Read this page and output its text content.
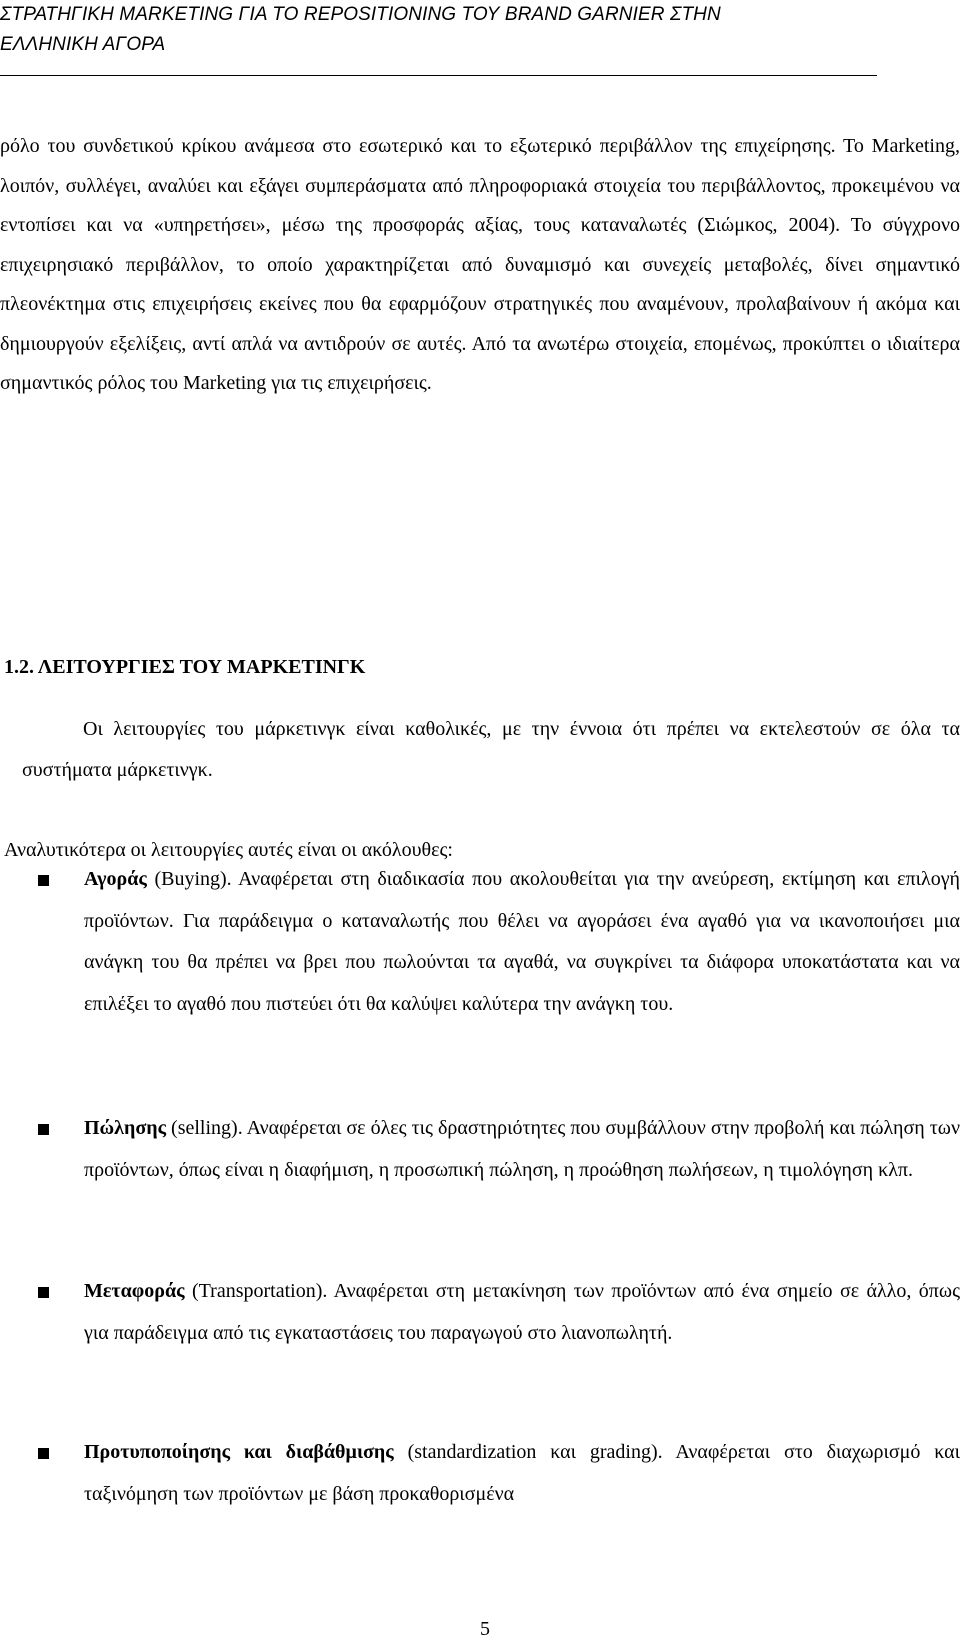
ΣΤΡΑΤΗΓΙΚΗ MARKETING ΓΙΑ ΤΟ REPOSITIONING ΤΟΥ BRAND GARNIER ΣΤΗΝ
ΕΛΛΗΝΙΚΗ ΑΓΟΡΑ

ρόλο του συνδετικού κρίκου ανάμεσα στο εσωτερικό και το εξωτερικό περιβάλλον της επιχείρησης. Το Marketing, λοιπόν, συλλέγει, αναλύει και εξάγει συμπεράσματα από πληροφοριακά στοιχεία του περιβάλλοντος, προκειμένου να εντοπίσει και να «υπηρετήσει», μέσω της προσφοράς αξίας, τους καταναλωτές (Σιώμκος, 2004). Το σύγχρονο επιχειρησιακό περιβάλλον, το οποίο χαρακτηρίζεται από δυναμισμό και συνεχείς μεταβολές, δίνει σημαντικό πλεονέκτημα στις επιχειρήσεις εκείνες που θα εφαρμόζουν στρατηγικές που αναμένουν, προλαβαίνουν ή ακόμα και δημιουργούν εξελίξεις, αντί απλά να αντιδρούν σε αυτές. Από τα ανωτέρω στοιχεία, επομένως, προκύπτει ο ιδιαίτερα σημαντικός ρόλος του Marketing για τις επιχειρήσεις.

1.2. ΛΕΙΤΟΥΡΓΙΕΣ ΤΟΥ ΜΑΡΚΕΤΙΝΓΚ

Οι λειτουργίες του μάρκετινγκ είναι καθολικές, με την έννοια ότι πρέπει να εκτελεστούν σε όλα τα συστήματα μάρκετινγκ.

Αναλυτικότερα οι λειτουργίες αυτές είναι οι ακόλουθες:

Αγοράς (Buying). Αναφέρεται στη διαδικασία που ακολουθείται για την ανεύρεση, εκτίμηση και επιλογή προϊόντων. Για παράδειγμα ο καταναλωτής που θέλει να αγοράσει ένα αγαθό για να ικανοποιήσει μια ανάγκη του θα πρέπει να βρει που πωλούνται τα αγαθά, να συγκρίνει τα διάφορα υποκατάστατα και να επιλέξει το αγαθό που πιστεύει ότι θα καλύψει καλύτερα την ανάγκη του.

Πώλησης (selling). Αναφέρεται σε όλες τις δραστηριότητες που συμβάλλουν στην προβολή και πώληση των προϊόντων, όπως είναι η διαφήμιση, η προσωπική πώληση, η προώθηση πωλήσεων, η τιμολόγηση κλπ.

Μεταφοράς (Transportation). Αναφέρεται στη μετακίνηση των προϊόντων από ένα σημείο σε άλλο, όπως για παράδειγμα από τις εγκαταστάσεις του παραγωγού στο λιανοπωλητή.

Προτυποποίησης και διαβάθμισης (standardization και grading). Αναφέρεται στο διαχωρισμό και ταξινόμηση των προϊόντων με βάση προκαθορισμένα

5
